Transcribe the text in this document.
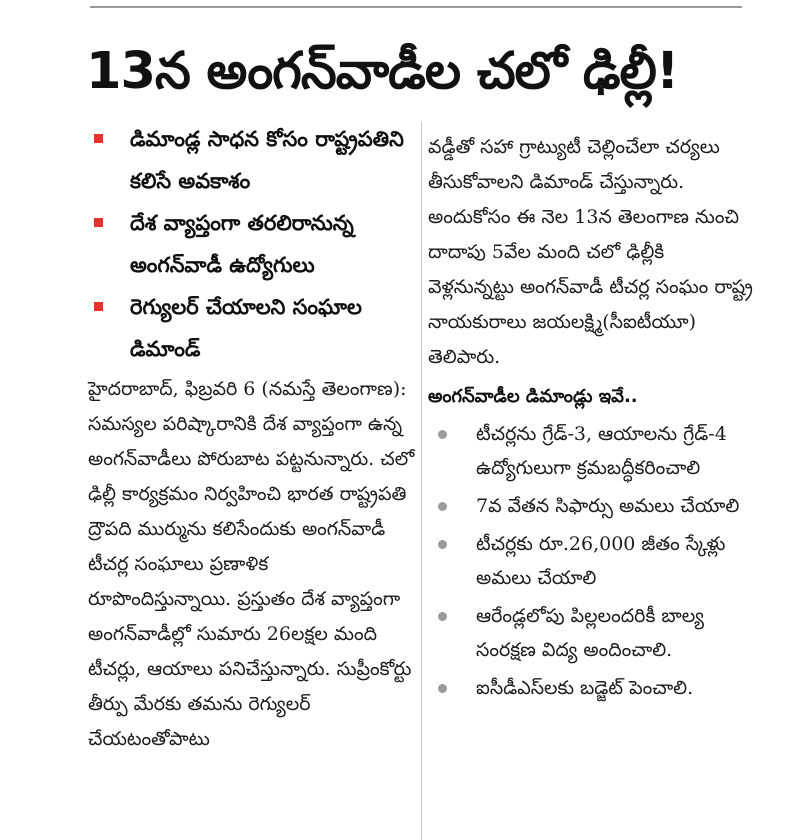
13న అంగన్‌వాడీల చలో ఢిల్లీ!
డిమాండ్ల సాధన కోసం రాష్ట్రపతిని కలిసే అవకాశం
దేశ వ్యాప్తంగా తరలిరానున్న అంగన్‌వాడీ ఉద్యోగులు
రెగ్యులర్ చేయాలని సంఘాల డిమాండ్

హైదరాబాద్, ఫిబ్రవరి 6 (నమస్తే తెలంగాణ): సమస్యల పరిష్కారానికి దేశ వ్యాప్తంగా ఉన్న అంగన్‌వాడీలు పోరుబాట పట్టనున్నారు. చలో ఢిల్లీ కార్యక్రమం నిర్వహించి భారత రాష్ట్రపతి ద్రౌపది ముర్మును కలిసేందుకు అంగన్‌వాడీ టీచర్ల సంఘాలు ప్రణాళిక రూపొందిస్తున్నాయి. ప్రస్తుతం దేశ వ్యాప్తంగా అంగన్‌వాడీల్లో సుమారు 26లక్షల మంది టీచర్లు, ఆయాలు పనిచేస్తున్నారు. సుప్రీంకోర్టు తీర్పు మేరకు తమను రెగ్యులర్ చేయటంతోపాటు

వడ్డీతో సహా గ్రాట్యుటీ చెల్లించేలా చర్యలు తీసుకోవాలని డిమాండ్ చేస్తున్నారు. అందుకోసం ఈ నెల 13న తెలంగాణ నుంచి దాదాపు 5వేల మంది చలో ఢిల్లీకి వెళ్లనున్నట్టు అంగన్‌వాడీ టీచర్ల సంఘం రాష్ట్ర నాయకురాలు జయలక్ష్మి(సీఐటీయూ) తెలిపారు.

అంగన్‌వాడీల డిమాండ్లు ఇవే..
టీచర్లను గ్రేడ్-3, ఆయాలను గ్రేడ్-4 ఉద్యోగులుగా క్రమబద్ధీకరించాలి
7వ వేతన సిఫార్సు అమలు చేయాలి
టీచర్లకు రూ.26,000 జీతం స్కేళ్లు అమలు చేయాలి
ఆరేండ్లలోపు పిల్లలందరికీ బాల్య సంరక్షణ విద్య అందించాలి.
ఐసీడీఎస్‌లకు బడ్జెట్ పెంచాలి.
